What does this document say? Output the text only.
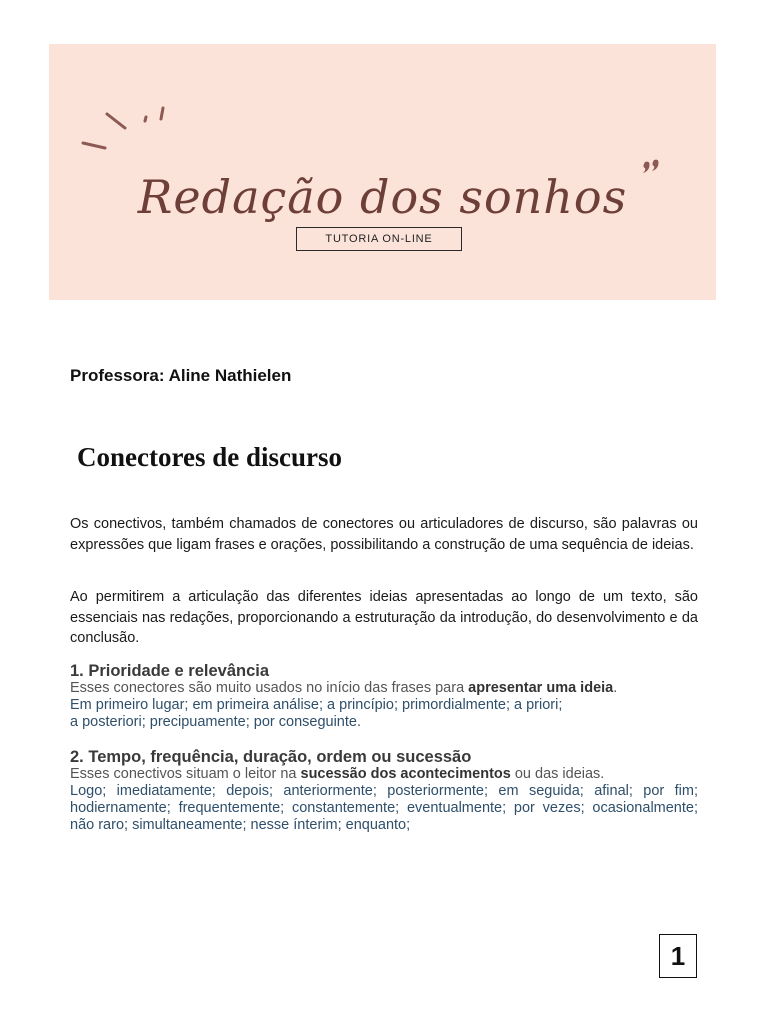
Redação dos sonhos
TUTORIA ON-LINE
Professora: Aline Nathielen
Conectores de discurso

Os conectivos, também chamados de conectores ou articuladores de discurso, são palavras ou expressões que ligam frases e orações, possibilitando a construção de uma sequência de ideias.

Ao permitirem a articulação das diferentes ideias apresentadas ao longo de um texto, são essenciais nas redações, proporcionando a estruturação da introdução, do desenvolvimento e da conclusão.

1. Prioridade e relevância
Esses conectores são muito usados no início das frases para apresentar uma ideia.
Em primeiro lugar; em primeira análise; a princípio; primordialmente; a priori;
a posteriori; precipuamente; por conseguinte.
2. Tempo, frequência, duração, ordem ou sucessão
Esses conectivos situam o leitor na sucessão dos acontecimentos ou das ideias.

Logo; imediatamente; depois; anteriormente; posteriormente; em seguida; afinal; por fim; hodiernamente; frequentemente; constantemente; eventualmente; por vezes; ocasionalmente; não raro; simultaneamente; nesse ínterim; enquanto;

1
